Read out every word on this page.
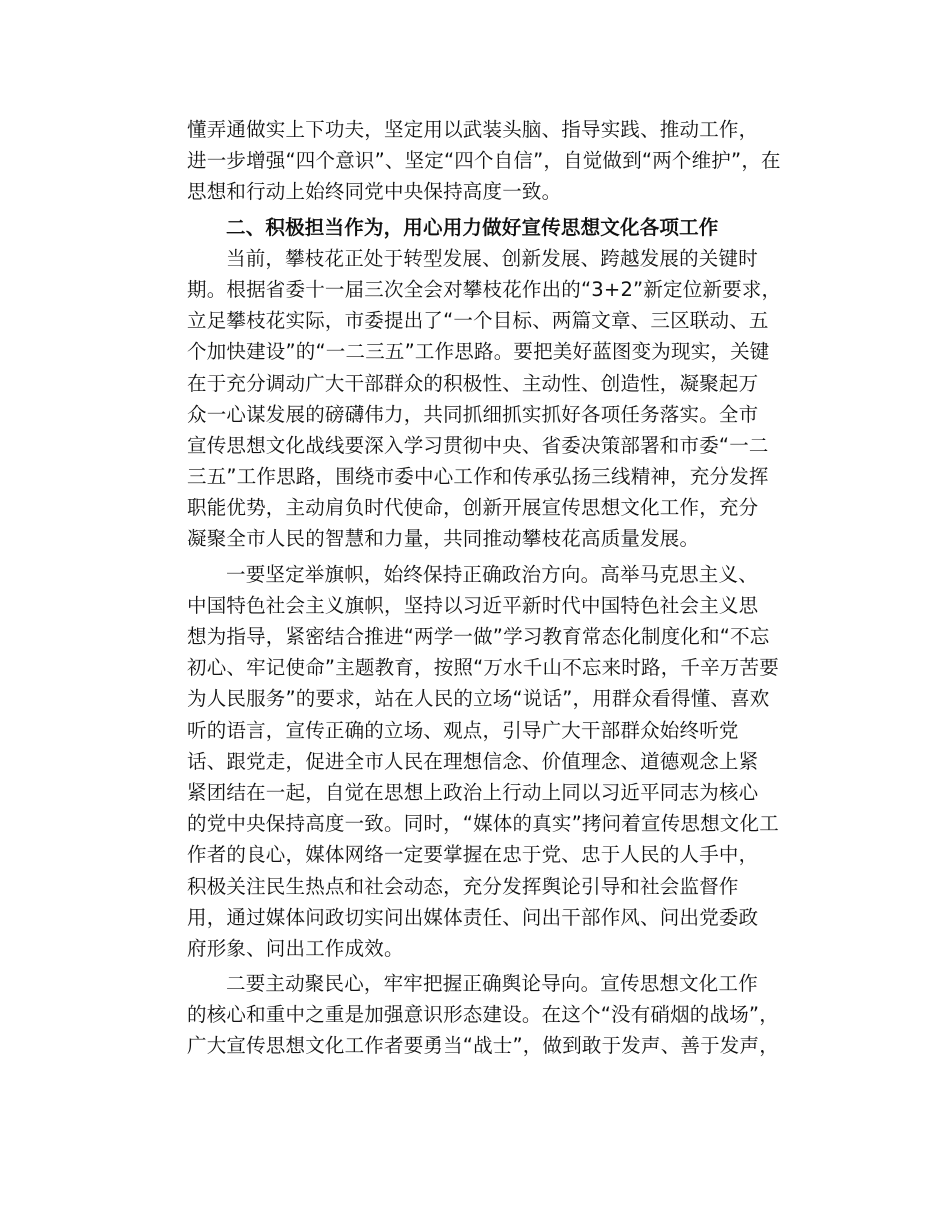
懂弄通做实上下功夫，坚定用以武装头脑、指导实践、推动工作，
进一步增强“四个意识”、坚定“四个自信”，自觉做到“两个维护”，在
思想和行动上始终同党中央保持高度一致。
二、积极担当作为，用心用力做好宣传思想文化各项工作
当前，攀枝花正处于转型发展、创新发展、跨越发展的关键时
期。根据省委十一届三次全会对攀枝花作出的“3+2”新定位新要求，
立足攀枝花实际，市委提出了“一个目标、两篇文章、三区联动、五
个加快建设”的“一二三五”工作思路。要把美好蓝图变为现实，关键
在于充分调动广大干部群众的积极性、主动性、创造性，凝聚起万
众一心谋发展的磅礴伟力，共同抓细抓实抓好各项任务落实。全市
宣传思想文化战线要深入学习贯彻中央、省委决策部署和市委“一二
三五”工作思路，围绕市委中心工作和传承弘扬三线精神，充分发挥
职能优势，主动肩负时代使命，创新开展宣传思想文化工作，充分
凝聚全市人民的智慧和力量，共同推动攀枝花高质量发展。
一要坚定举旗帜，始终保持正确政治方向。高举马克思主义、
中国特色社会主义旗帜，坚持以习近平新时代中国特色社会主义思
想为指导，紧密结合推进“两学一做”学习教育常态化制度化和“不忘
初心、牢记使命”主题教育，按照“万水千山不忘来时路，千辛万苦要
为人民服务”的要求，站在人民的立场“说话”，用群众看得懂、喜欢
听的语言，宣传正确的立场、观点，引导广大干部群众始终听党
话、跟党走，促进全市人民在理想信念、价值理念、道德观念上紧
紧团结在一起，自觉在思想上政治上行动上同以习近平同志为核心
的党中央保持高度一致。同时，“媒体的真实”拷问着宣传思想文化工
作者的良心，媒体网络一定要掌握在忠于党、忠于人民的人手中，
积极关注民生热点和社会动态，充分发挥舆论引导和社会监督作
用，通过媒体问政切实问出媒体责任、问出干部作风、问出党委政
府形象、问出工作成效。
二要主动聚民心，牢牢把握正确舆论导向。宣传思想文化工作
的核心和重中之重是加强意识形态建设。在这个“没有硝烟的战场”，
广大宣传思想文化工作者要勇当“战士”，做到敢于发声、善于发声，
